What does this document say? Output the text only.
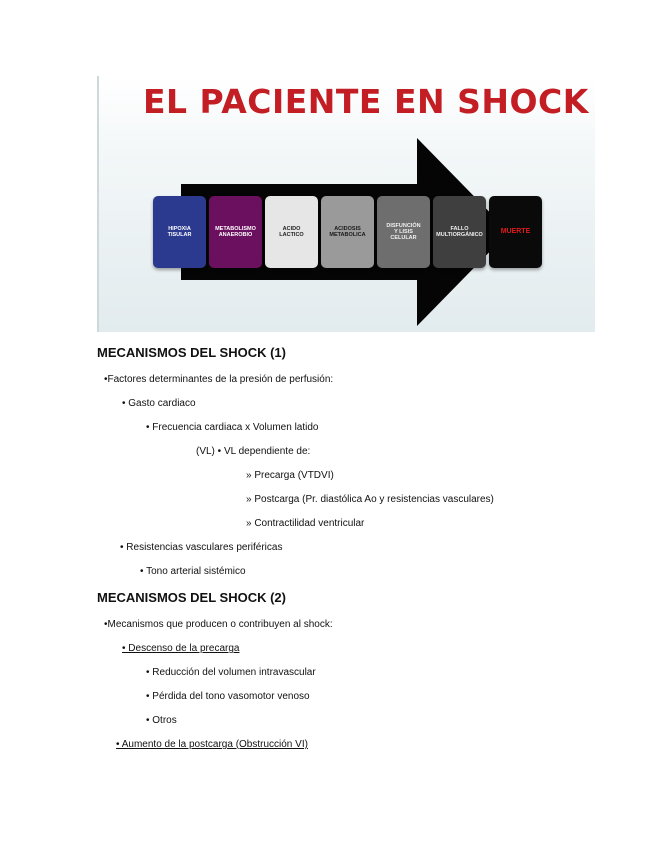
EL PACIENTE EN SHOCK
HIPOXIA
TISULAR
METABOLISMO
ANAEROBIO
ACIDO
LACTICO
ACIDOSIS
METABOLICA
DISFUNCIÓN
Y LISIS
CELULAR
FALLO
MULTIORGÁNICO
MUERTE
MECANISMOS DEL SHOCK (1)
•Factores determinantes de la presión de perfusión:
• Gasto cardiaco
• Frecuencia cardiaca x Volumen latido
(VL) • VL dependiente de:
» Precarga (VTDVI)
» Postcarga (Pr. diastólica Ao y resistencias vasculares)
» Contractilidad ventricular
• Resistencias vasculares periféricas
• Tono arterial sistémico
MECANISMOS DEL SHOCK (2)
•Mecanismos que producen o contribuyen al shock:
• Descenso de la precarga
• Reducción del volumen intravascular
• Pérdida del tono vasomotor venoso
• Otros
• Aumento de la postcarga (Obstrucción VI)
